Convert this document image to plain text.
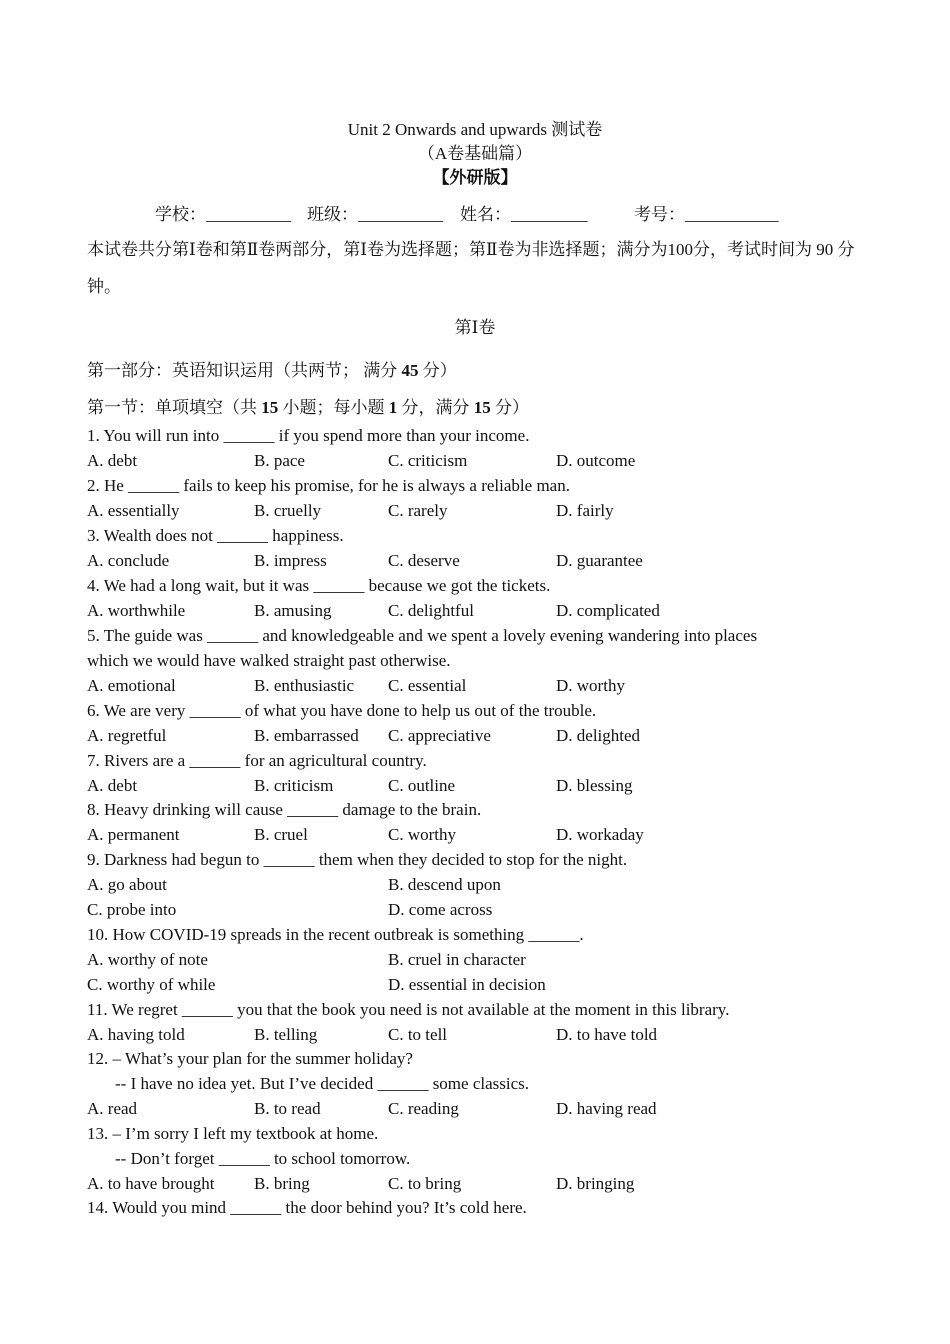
Unit 2 Onwards and upwards 测试卷
（A卷基础篇）
【外研版】
学校：__________ 班级：__________ 姓名：_________	考号：___________
本试卷共分第Ⅰ卷和第Ⅱ卷两部分，第Ⅰ卷为选择题；第Ⅱ卷为非选择题；满分为100分，考试时间为 90 分钟。
第Ⅰ卷
第一部分：英语知识运用（共两节； 满分 45 分）
第一节：单项填空（共 15 小题；每小题 1 分，满分 15 分）
1. You will run into ______ if you spend more than your income.
A. debt	B. pace	C. criticism	D. outcome
2. He ______ fails to keep his promise, for he is always a reliable man.
A. essentially	B. cruelly	C. rarely	D. fairly
3. Wealth does not ______ happiness.
A. conclude	B. impress	C. deserve	D. guarantee
4. We had a long wait, but it was ______ because we got the tickets.
A. worthwhile	B. amusing	C. delightful	D. complicated
5. The guide was ______ and knowledgeable and we spent a lovely evening wandering into places
which we would have walked straight past otherwise.
A. emotional	B. enthusiastic C. essential	D. worthy
6. We are very ______ of what you have done to help us out of the trouble.
A. regretful	B. embarrassed C. appreciative	D. delighted
7. Rivers are a ______ for an agricultural country.
A. debt	B. criticism	C. outline	D. blessing
8. Heavy drinking will cause ______ damage to the brain.
A. permanent	B. cruel	C. worthy	D. workaday
9. Darkness had begun to ______ them when they decided to stop for the night.
A. go about	B. descend upon
C. probe into	D. come across
10. How COVID-19 spreads in the recent outbreak is something ______.
A. worthy of note	B. cruel in character
C. worthy of while	D. essential in decision
11. We regret ______ you that the book you need is not available at the moment in this library.
A. having told	B. telling	C. to tell	D. to have told
12. – What’s your plan for the summer holiday?
-- I have no idea yet. But I’ve decided ______ some classics.
A. read	B. to read	C. reading	D. having read
13. – I’m sorry I left my textbook at home.
-- Don’t forget ______ to school tomorrow.
A. to have brought B. bring	C. to bring	D. bringing
14. Would you mind ______ the door behind you? It’s cold here.
